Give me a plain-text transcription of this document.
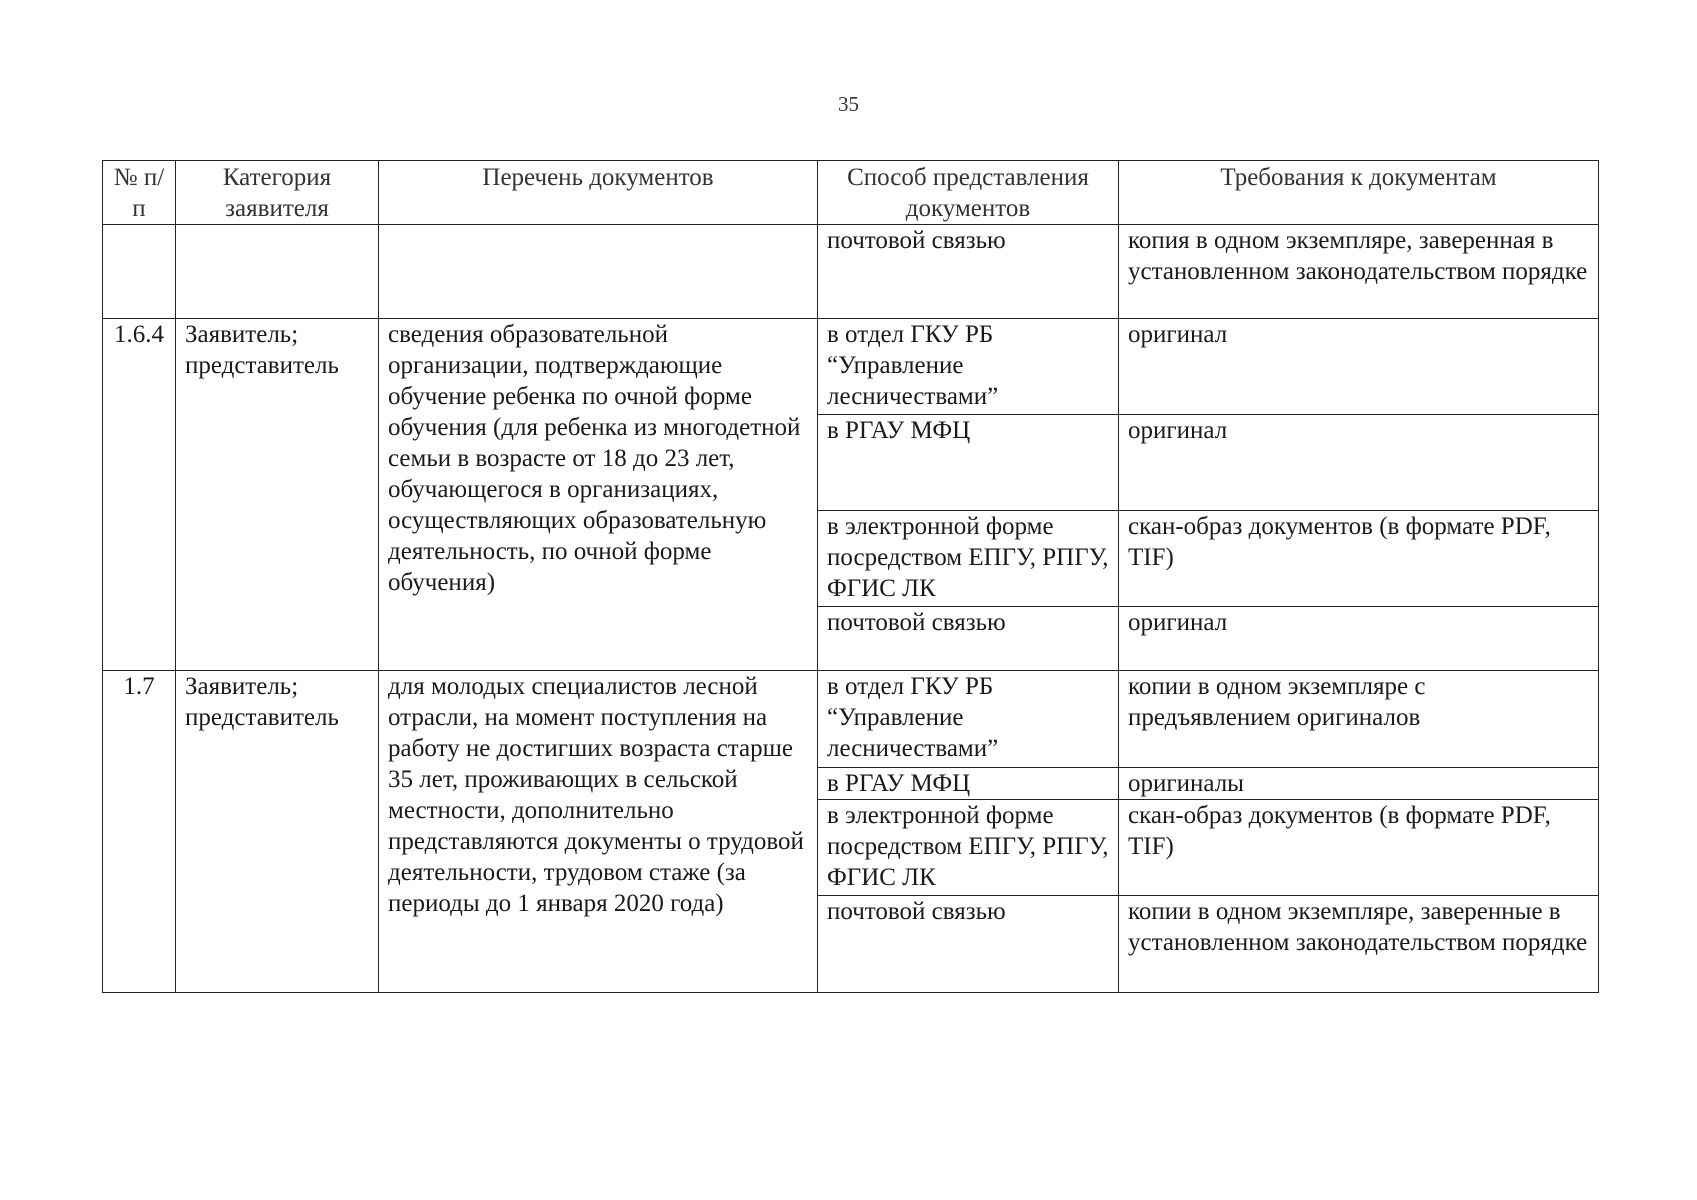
35
№ п/п	Категория заявителя	Перечень документов	Способ представления документов	Требования к документам
			почтовой связью	копия в одном экземпляре, заверенная в установленном законодательством порядке
1.6.4	Заявитель; представитель	сведения образовательной организации, подтверждающие обучение ребенка по очной форме обучения (для ребенка из многодетной семьи в возрасте от 18 до 23 лет, обучающегося в организациях, осуществляющих образовательную деятельность, по очной форме обучения)	в отдел ГКУ РБ “Управление лесничествами”	оригинал
			в РГАУ МФЦ	оригинал
			в электронной форме посредством ЕПГУ, РПГУ, ФГИС ЛК	скан-образ документов (в формате PDF, TIF)
			почтовой связью	оригинал
1.7	Заявитель; представитель	для молодых специалистов лесной отрасли, на момент поступления на работу не достигших возраста старше 35 лет, проживающих в сельской местности, дополнительно представляются документы о трудовой деятельности, трудовом стаже (за периоды до 1 января 2020 года)	в отдел ГКУ РБ “Управление лесничествами”	копии в одном экземпляре с предъявлением оригиналов
			в РГАУ МФЦ	оригиналы
			в электронной форме посредством ЕПГУ, РПГУ, ФГИС ЛК	скан-образ документов (в формате PDF, TIF)
			почтовой связью	копии в одном экземпляре, заверенные в установленном законодательством порядке
